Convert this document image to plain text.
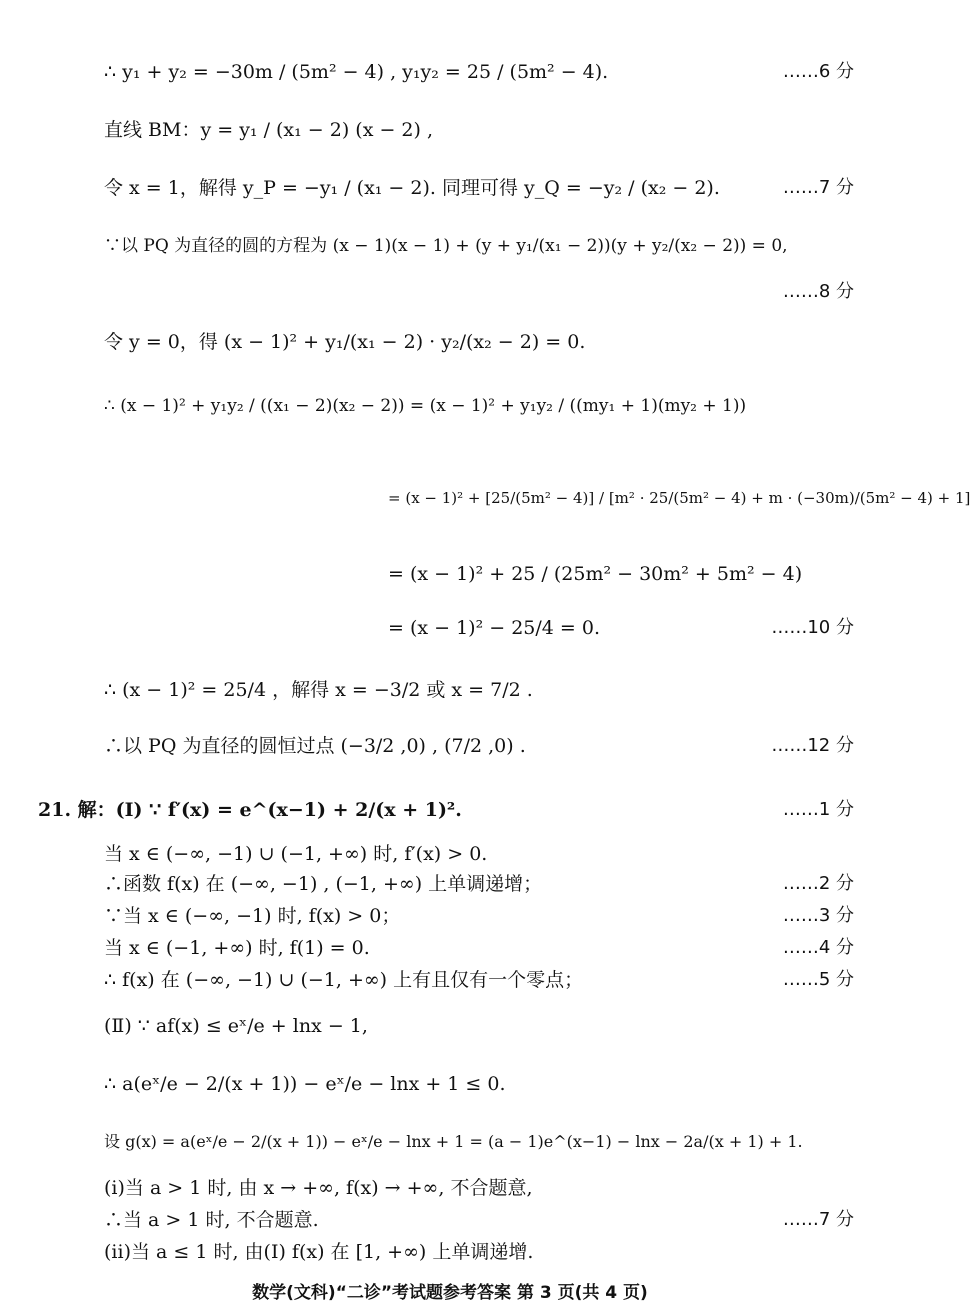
∴ y₁ + y₂ = −30m / (5m² − 4) , y₁y₂ = 25 / (5m² − 4).	……6 分
直线 BM：y = y₁ / (x₁ − 2) (x − 2) ,
令 x = 1，解得 y_P = −y₁ / (x₁ − 2). 同理可得 y_Q = −y₂ / (x₂ − 2).	……7 分
∵以 PQ 为直径的圆的方程为 (x − 1)(x − 1) + (y + y₁/(x₁ − 2))(y + y₂/(x₂ − 2)) = 0,
……8 分
令 y = 0，得 (x − 1)² + y₁/(x₁ − 2) · y₂/(x₂ − 2) = 0.
∴ (x − 1)² + y₁y₂ / ((x₁ − 2)(x₂ − 2)) = (x − 1)² + y₁y₂ / ((my₁ + 1)(my₂ + 1))
= (x − 1)² + [25/(5m² − 4)] / [m² · 25/(5m² − 4) + m · (−30m)/(5m² − 4) + 1]
= (x − 1)² + 25 / (25m² − 30m² + 5m² − 4)
= (x − 1)² − 25/4 = 0.	……10 分
∴ (x − 1)² = 25/4 ，解得 x = −3/2 或 x = 7/2 .
∴以 PQ 为直径的圆恒过点 (−3/2 ,0) , (7/2 ,0) .	……12 分
21. 解：(Ⅰ) ∵ f′(x) = e^(x−1) + 2/(x + 1)².	……1 分
当 x ∈ (−∞, −1) ∪ (−1, +∞) 时, f′(x) > 0.
∴函数 f(x) 在 (−∞, −1) , (−1, +∞) 上单调递增；	……2 分
∵当 x ∈ (−∞, −1) 时, f(x) > 0；	……3 分
当 x ∈ (−1, +∞) 时, f(1) = 0.	……4 分
∴ f(x) 在 (−∞, −1) ∪ (−1, +∞) 上有且仅有一个零点；	……5 分
(Ⅱ) ∵ af(x) ≤ eˣ/e + lnx − 1,
∴ a(eˣ/e − 2/(x + 1)) − eˣ/e − lnx + 1 ≤ 0.
设 g(x) = a(eˣ/e − 2/(x + 1)) − eˣ/e − lnx + 1 = (a − 1)e^(x−1) − lnx − 2a/(x + 1) + 1.
(i)当 a > 1 时, 由 x → +∞, f(x) → +∞, 不合题意,
∴当 a > 1 时, 不合题意.	……7 分
(ii)当 a ≤ 1 时, 由(Ⅰ) f(x) 在 [1, +∞) 上单调递增.
数学(文科)“二诊”考试题参考答案 第 3 页(共 4 页)
